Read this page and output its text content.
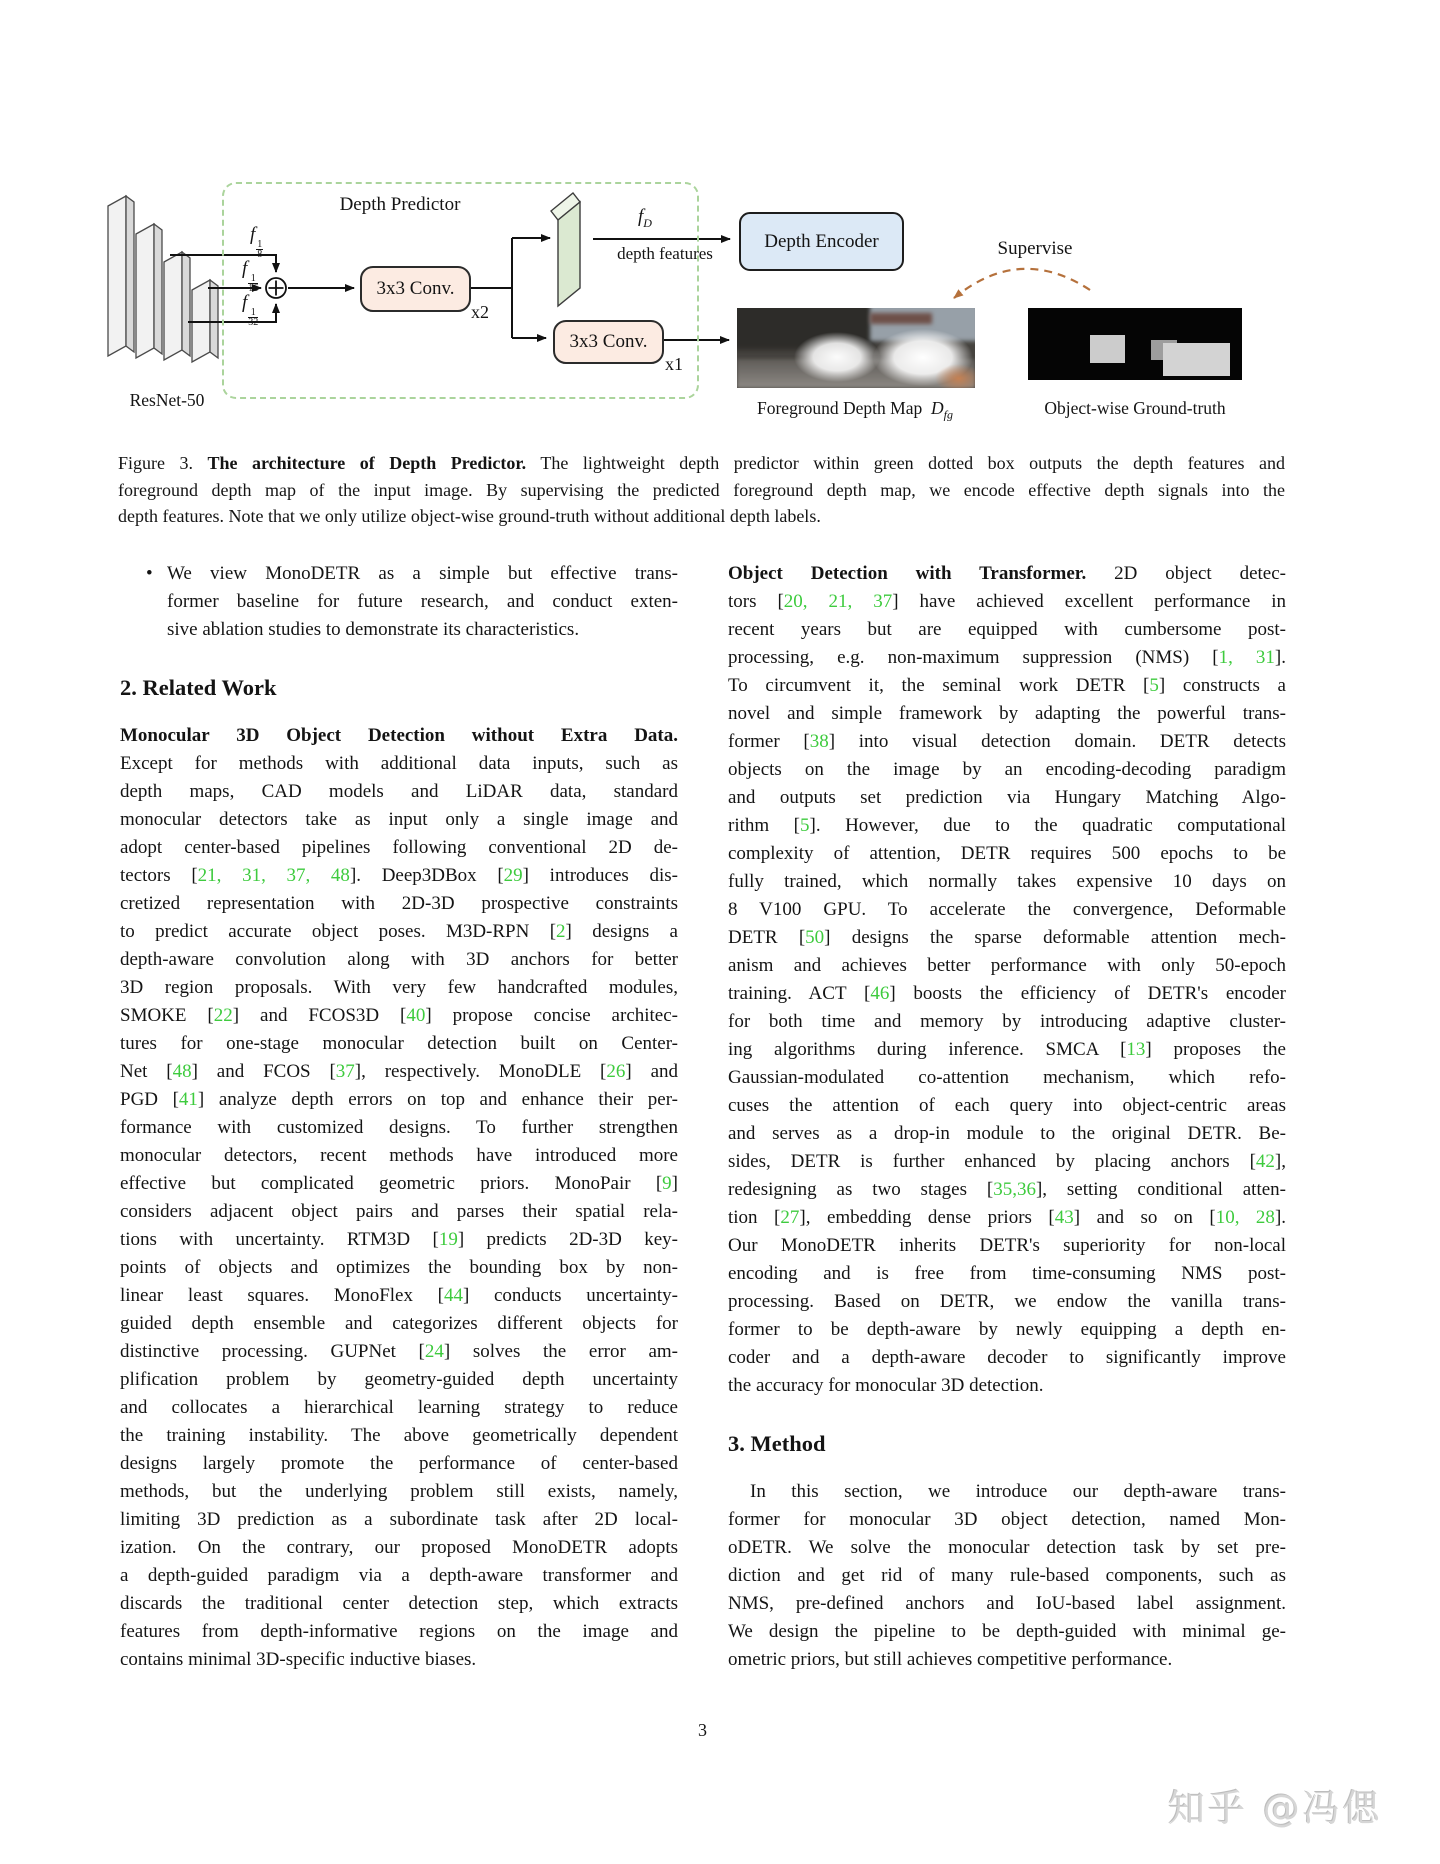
Depth Predictor
f
$\frac{1}{8}$
f
$\frac{1}{16}$
f
$\frac{1}{32}$
3x3 Conv.
x2
3x3 Conv.
x1
$f_D$
depth features
Depth Encoder	Supervise
Foreground Depth Map $D_{fg}$	Object-wise Ground-truth
ResNet-50
Figure 3. The architecture of Depth Predictor. The lightweight depth predictor within green dotted box outputs the depth features and
foreground depth map of the input image. By supervising the predicted foreground depth map, we encode effective depth signals into the
depth features. Note that we only utilize object-wise ground-truth without additional depth labels.
• We view MonoDETR as a simple but effective trans-
former baseline for future research, and conduct exten-
sive ablation studies to demonstrate its characteristics.
2. Related Work
Monocular 3D Object Detection without Extra Data.
Except for methods with additional data inputs, such as
depth maps, CAD models and LiDAR data, standard
monocular detectors take as input only a single image and
adopt center-based pipelines following conventional 2D de-
tectors [21, 31, 37, 48]. Deep3DBox [29] introduces dis-
cretized representation with 2D-3D prospective constraints
to predict accurate object poses. M3D-RPN [2] designs a
depth-aware convolution along with 3D anchors for better
3D region proposals. With very few handcrafted modules,
SMOKE [22] and FCOS3D [40] propose concise architec-
tures for one-stage monocular detection built on Center-
Net [48] and FCOS [37], respectively. MonoDLE [26] and
PGD [41] analyze depth errors on top and enhance their per-
formance with customized designs. To further strengthen
monocular detectors, recent methods have introduced more
effective but complicated geometric priors. MonoPair [9]
considers adjacent object pairs and parses their spatial rela-
tions with uncertainty. RTM3D [19] predicts 2D-3D key-
points of objects and optimizes the bounding box by non-
linear least squares. MonoFlex [44] conducts uncertainty-
guided depth ensemble and categorizes different objects for
distinctive processing. GUPNet [24] solves the error am-
plification problem by geometry-guided depth uncertainty
and collocates a hierarchical learning strategy to reduce
the training instability. The above geometrically dependent
designs largely promote the performance of center-based
methods, but the underlying problem still exists, namely,
limiting 3D prediction as a subordinate task after 2D local-
ization. On the contrary, our proposed MonoDETR adopts
a depth-guided paradigm via a depth-aware transformer and
discards the traditional center detection step, which extracts
features from depth-informative regions on the image and
contains minimal 3D-specific inductive biases.
Object Detection with Transformer. 2D object detec-
tors [20, 21, 37] have achieved excellent performance in
recent years but are equipped with cumbersome post-
processing, e.g. non-maximum suppression (NMS) [1, 31].
To circumvent it, the seminal work DETR [5] constructs a
novel and simple framework by adapting the powerful trans-
former [38] into visual detection domain. DETR detects
objects on the image by an encoding-decoding paradigm
and outputs set prediction via Hungary Matching Algo-
rithm [5]. However, due to the quadratic computational
complexity of attention, DETR requires 500 epochs to be
fully trained, which normally takes expensive 10 days on
8 V100 GPU. To accelerate the convergence, Deformable
DETR [50] designs the sparse deformable attention mech-
anism and achieves better performance with only 50-epoch
training. ACT [46] boosts the efficiency of DETR's encoder
for both time and memory by introducing adaptive cluster-
ing algorithms during inference. SMCA [13] proposes the
Gaussian-modulated co-attention mechanism, which refo-
cuses the attention of each query into object-centric areas
and serves as a drop-in module to the original DETR. Be-
sides, DETR is further enhanced by placing anchors [42],
redesigning as two stages [35,36], setting conditional atten-
tion [27], embedding dense priors [43] and so on [10, 28].
Our MonoDETR inherits DETR's superiority for non-local
encoding and is free from time-consuming NMS post-
processing. Based on DETR, we endow the vanilla trans-
former to be depth-aware by newly equipping a depth en-
coder and a depth-aware decoder to significantly improve
the accuracy for monocular 3D detection.
3. Method
In this section, we introduce our depth-aware trans-
former for monocular 3D object detection, named Mon-
oDETR. We solve the monocular detection task by set pre-
diction and get rid of many rule-based components, such as
NMS, pre-defined anchors and IoU-based label assignment.
We design the pipeline to be depth-guided with minimal ge-
ometric priors, but still achieves competitive performance.
3
知乎 @冯偲
